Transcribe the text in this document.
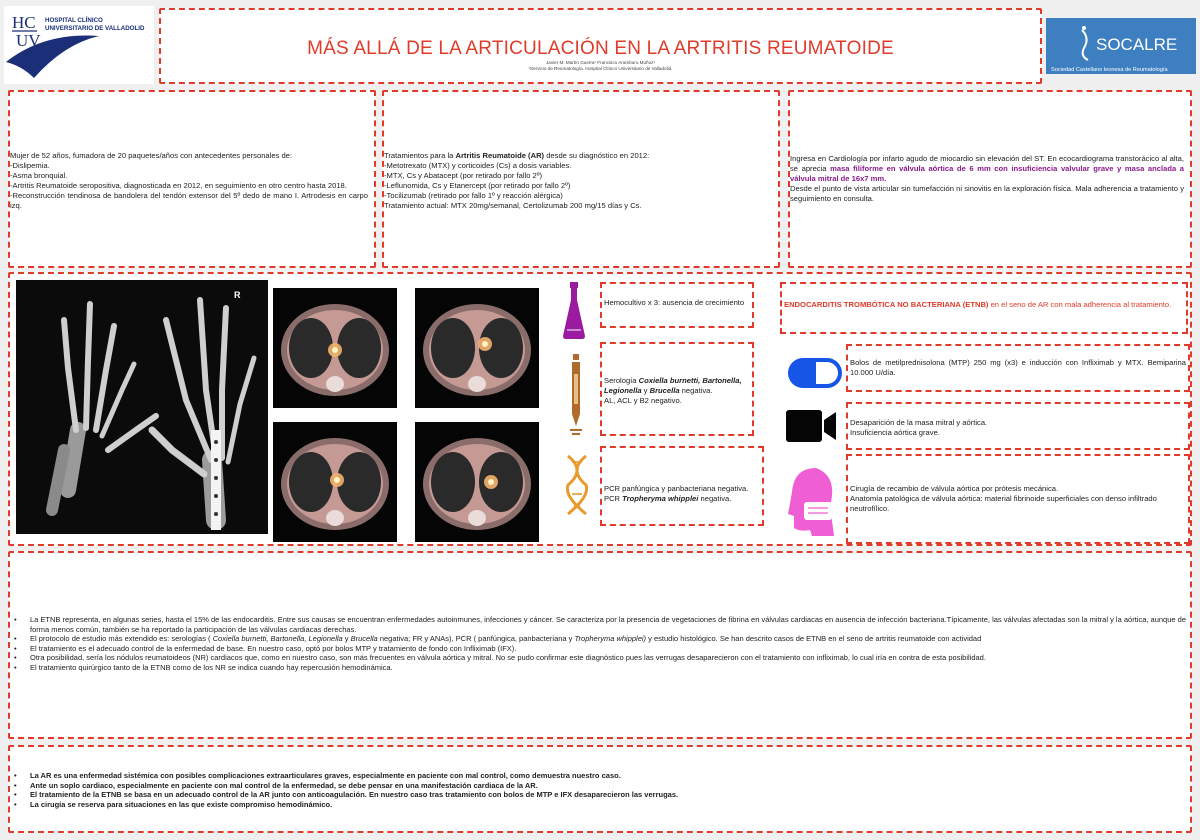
HC
UV
HOSPITAL CLÍNICO
UNIVERSITARIO DE VALLADOLID
MÁS ALLÁ DE LA ARTICULACIÓN EN LA ARTRITIS REUMATOIDE
Javier M. Martín Guerra¹ Francisco Aramburu Muñoz¹
¹Servicio de Reumatología. Hospital Clínico Universitario de Valladolid.
SOCALRE
Sociedad Castellano leonesa de Reumatología
Mujer de 52 años, fumadora de 20 paquetes/años con antecedentes personales de:
-Dislipemia.
-Asma bronquial.
-Artritis Reumatoide seropositiva, diagnosticada en 2012, en seguimiento en otro centro hasta 2018.
-Reconstrucción tendinosa de bandolera del tendón extensor del 5º dedo de mano I. Artrodesis en carpo izq.
Tratamientos para la Artritis Reumatoide (AR) desde su diagnóstico en 2012:
-Metotrexato (MTX) y corticoides (Cs) a dosis variables.
-MTX, Cs y Abatacept (por retirado por fallo 2º)
-Leflunomida, Cs y Etanercept (por retirado por fallo 2º)
-Tocilizumab (retirado por fallo 1º y reacción alérgica)
Tratamiento actual: MTX 20mg/semanal, Certolizumab 200 mg/15 días y Cs.
Ingresa en Cardiología por infarto agudo de miocardio sin elevación del ST. En ecocardiograma transtorácico al alta, se aprecia masa filiforme en válvula aórtica de 6 mm con insuficiencia valvular grave y masa anclada a válvula mitral de 16x7 mm.
Desde el punto de vista articular sin tumefacción ni sinovitis en la exploración física. Mala adherencia a tratamiento y seguimiento en consulta.
R
Hemocultivo x 3: ausencia de crecimiento
Serología Coxiella burnetti, Bartonella, Legionella y Brucella negativa.
AL, ACL y B2 negativo.
PCR panfúngica y panbacteriana negativa.
PCR Tropheryma whipplei negativa.
ENDOCARDITIS TROMBÓTICA NO BACTERIANA (ETNB) en el seno de AR con mala adherencia al tratamiento.
Bolos de metilprednisolona (MTP) 250 mg (x3) e inducción con Infliximab y MTX. Bemiparina 10.000 U/día.
Desaparición de la masa mitral y aórtica.
Insuficiencia aórtica grave.
Cirugía de recambio de válvula aórtica por prótesis mecánica.
Anatomía patológica de válvula aórtica: material fibrinoide superficiales con denso infiltrado neutrofílico.
• La ETNB representa, en algunas series, hasta el 15% de las endocarditis. Entre sus causas se encuentran enfermedades autoinmunes, infecciones y cáncer. Se caracteriza por la presencia de vegetaciones de fibrina en válvulas cardiacas en ausencia de infección bacteriana.Típicamente, las válvulas afectadas son la mitral y la aórtica, aunque de forma menos común, también se ha reportado la participación de las válvulas cardiacas derechas.
• El protocolo de estudio más extendido es: serologías ( Coxiella burnetti, Bartonella, Legionella y Brucella negativa; FR y ANAs), PCR ( panfúngica, panbacteriana y Tropheryma whipplei) y estudio histológico. Se han descrito casos de ETNB en el seno de artritis reumatoide con actividad
• El tratamiento es el adecuado control de la enfermedad de base. En nuestro caso, optó por bolos MTP y tratamiento de fondo con Infliximab (IFX).
• Otra posibilidad, sería los nódulos reumatoideos (NR) cardiacos que, como en nuestro caso, son más frecuentes en válvula aórtica y mitral. No se pudo confirmar este diagnóstico pues las verrugas desaparecieron con el tratamiento con infliximab, lo cual iría en contra de esta posibilidad.
• El tratamiento quirúrgico tanto de la ETNB como de los NR se indica cuando hay repercusión hemodinámica.
• La AR es una enfermedad sistémica con posibles complicaciones extraarticulares graves, especialmente en paciente con mal control, como demuestra nuestro caso.
• Ante un soplo cardiaco, especialmente en paciente con mal control de la enfermedad, se debe pensar en una manifestación cardiaca de la AR.
• El tratamiento de la ETNB se basa en un adecuado control de la AR junto con anticoagulación. En nuestro caso tras tratamiento con bolos de MTP e IFX desaparecieron las verrugas.
• La cirugía se reserva para situaciones en las que existe compromiso hemodinámico.
